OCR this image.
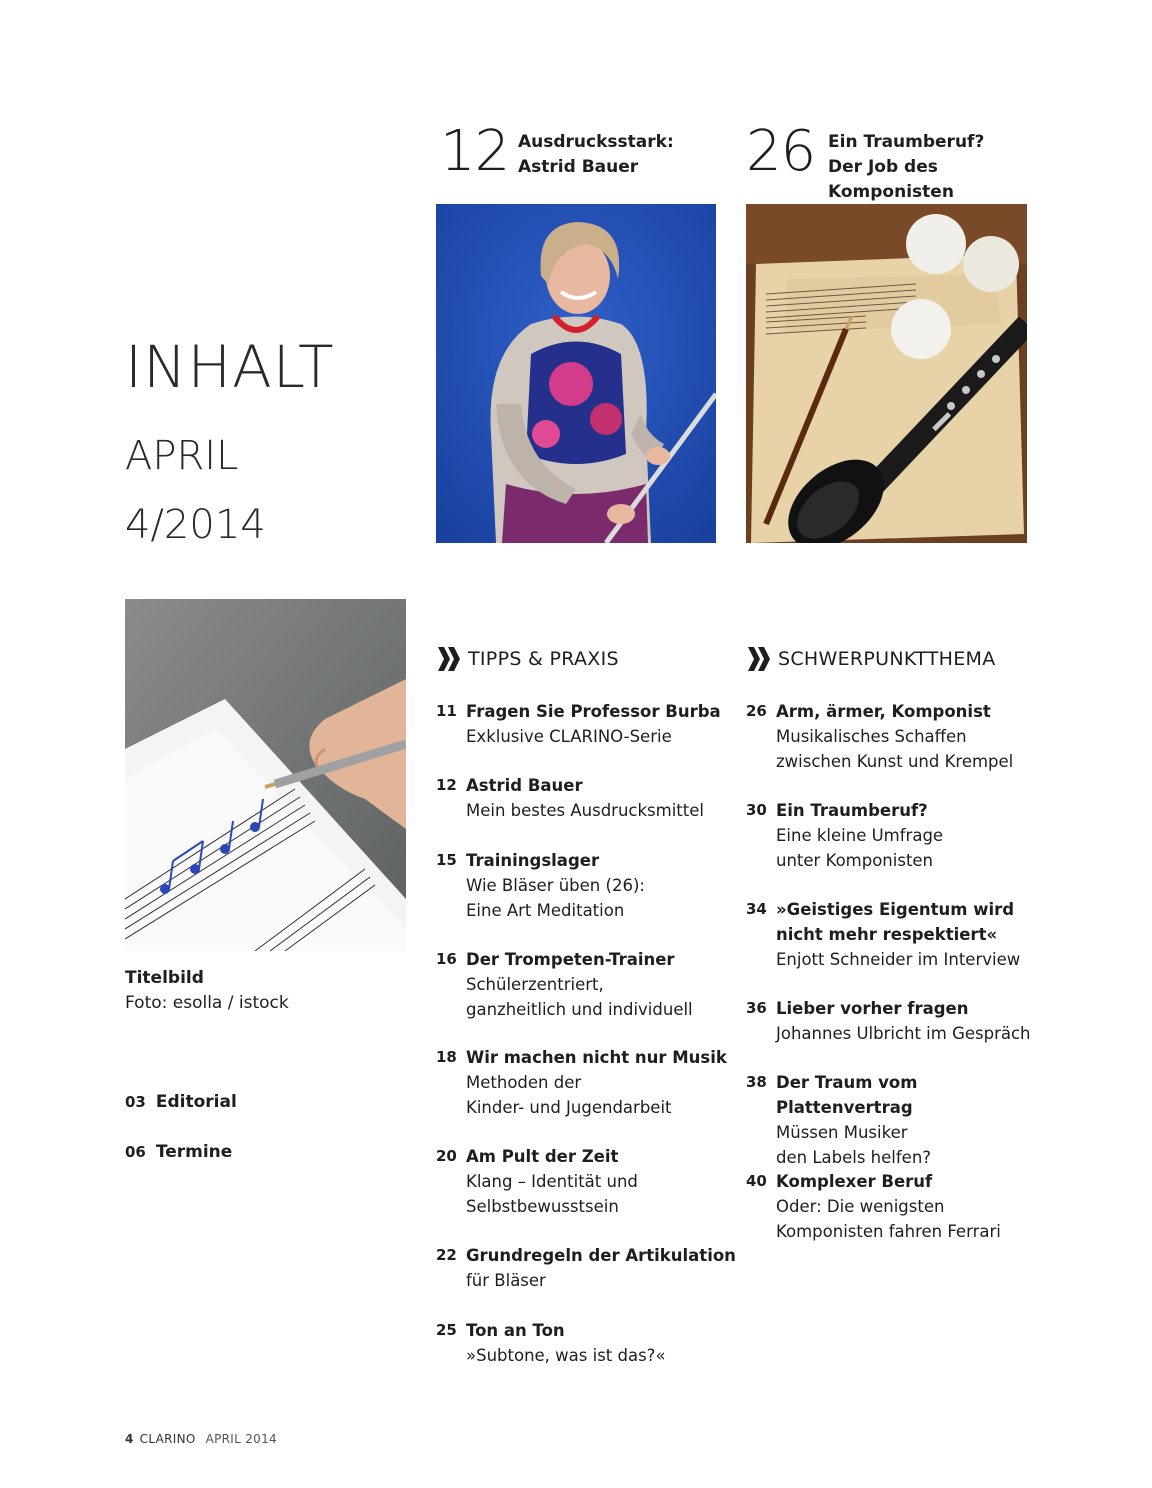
INHALT
APRIL
4/2014
12 Ausdrucksstark: Astrid Bauer	26 Ein Traumberuf? Der Job des Komponisten
Titelbild
Foto: esolla / istock
03 Editorial
06 Termine
TIPPS & PRAXIS	SCHWERPUNKTTHEMA
11 Fragen Sie Professor Burba
Exklusive CLARINO-Serie
12 Astrid Bauer
Mein bestes Ausdrucksmittel
15 Trainingslager
Wie Bläser üben (26):
Eine Art Meditation
16 Der Trompeten-Trainer
Schülerzentriert,
ganzheitlich und individuell
18 Wir machen nicht nur Musik
Methoden der
Kinder- und Jugendarbeit
20 Am Pult der Zeit
Klang – Identität und
Selbstbewusstsein
22 Grundregeln der Artikulation
für Bläser
25 Ton an Ton
»Subtone, was ist das?«
26 Arm, ärmer, Komponist
Musikalisches Schaffen
zwischen Kunst und Krempel
30 Ein Traumberuf?
Eine kleine Umfrage
unter Komponisten
34 »Geistiges Eigentum wird
nicht mehr respektiert«
Enjott Schneider im Interview
36 Lieber vorher fragen
Johannes Ulbricht im Gespräch
38 Der Traum vom Plattenvertrag
Müssen Musiker
den Labels helfen?
40 Komplexer Beruf
Oder: Die wenigsten
Komponisten fahren Ferrari
4 CLARINO APRIL 2014
